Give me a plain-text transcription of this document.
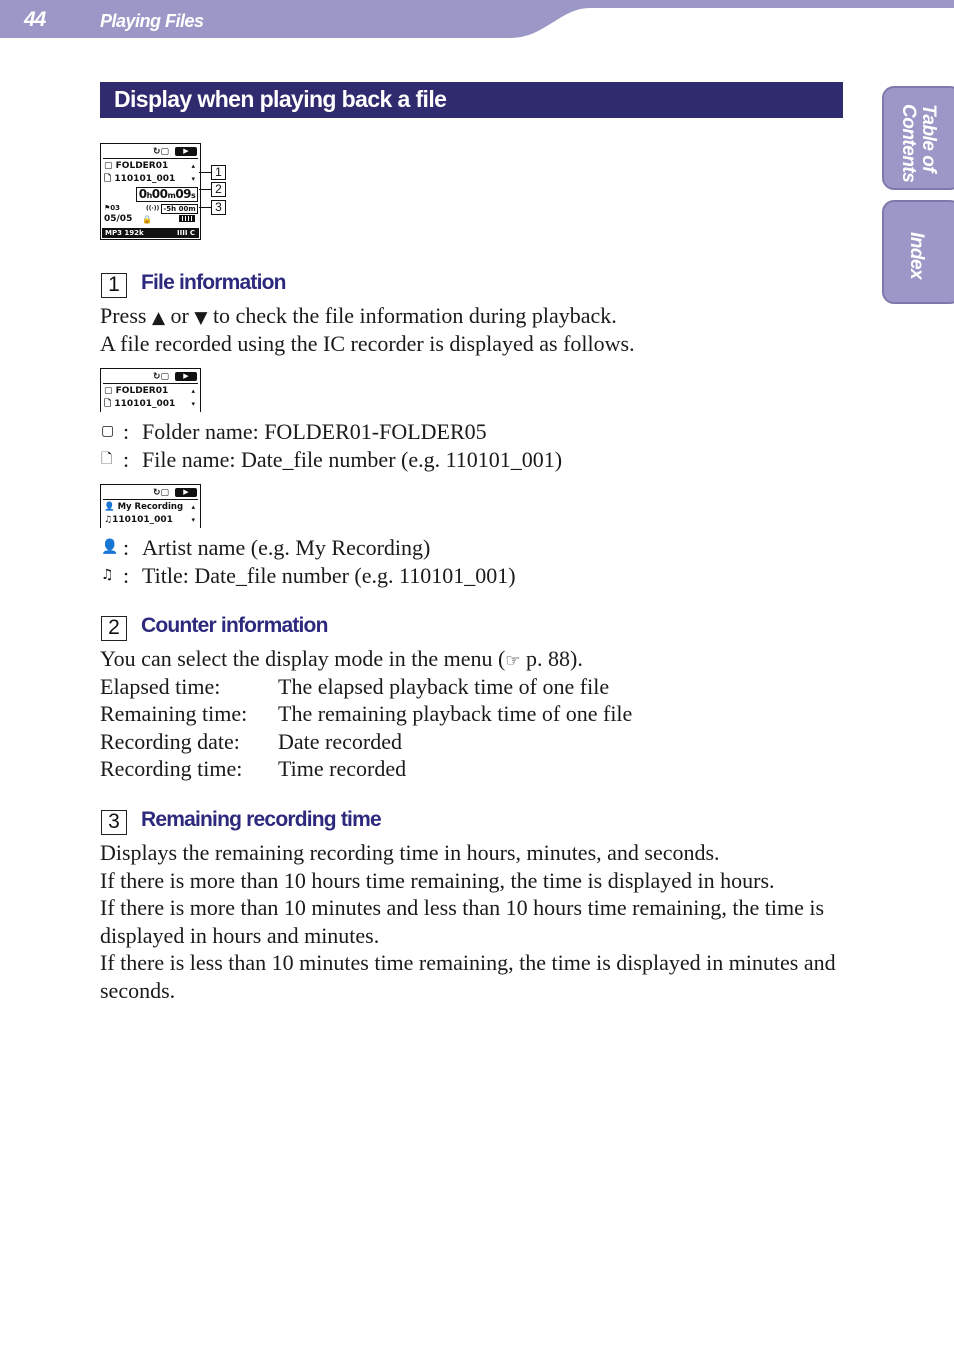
44	Playing Files
Table of
Contents
Index
Display when playing back a file
↻▢ ▶
▢ FOLDER01	▴
🗋 110101_001 ▾
0h00m09s
-5h 00m
⚑03	((·))
05/05 🔒
MP3 192k	ΙΙΙΙ C
1
2
3
1	File information
Press ▲ or ▼ to check the file information during playback.
A file recorded using the IC recorder is displayed as follows.
↻▢ ▶
▢ FOLDER01	▴
🗋 110101_001 ▾
▢ : Folder name: FOLDER01-FOLDER05
🗋 : File name: Date_file number (e.g. 110101_001)
↻▢ ▶
👤 My Recording ▴
♫110101_001	▾
👤 : Artist name (e.g. My Recording)
♫ : Title: Date_file number (e.g. 110101_001)
2	Counter information
You can select the display mode in the menu (☞ p. 88).
Elapsed time:	The elapsed playback time of one file
Remaining time: The remaining playback time of one file
Recording date: Date recorded
Recording time: Time recorded
3	Remaining recording time
Displays the remaining recording time in hours, minutes, and seconds.
If there is more than 10 hours time remaining, the time is displayed in hours.
If there is more than 10 minutes and less than 10 hours time remaining, the time is displayed in hours and minutes.
If there is less than 10 minutes time remaining, the time is displayed in minutes and seconds.
